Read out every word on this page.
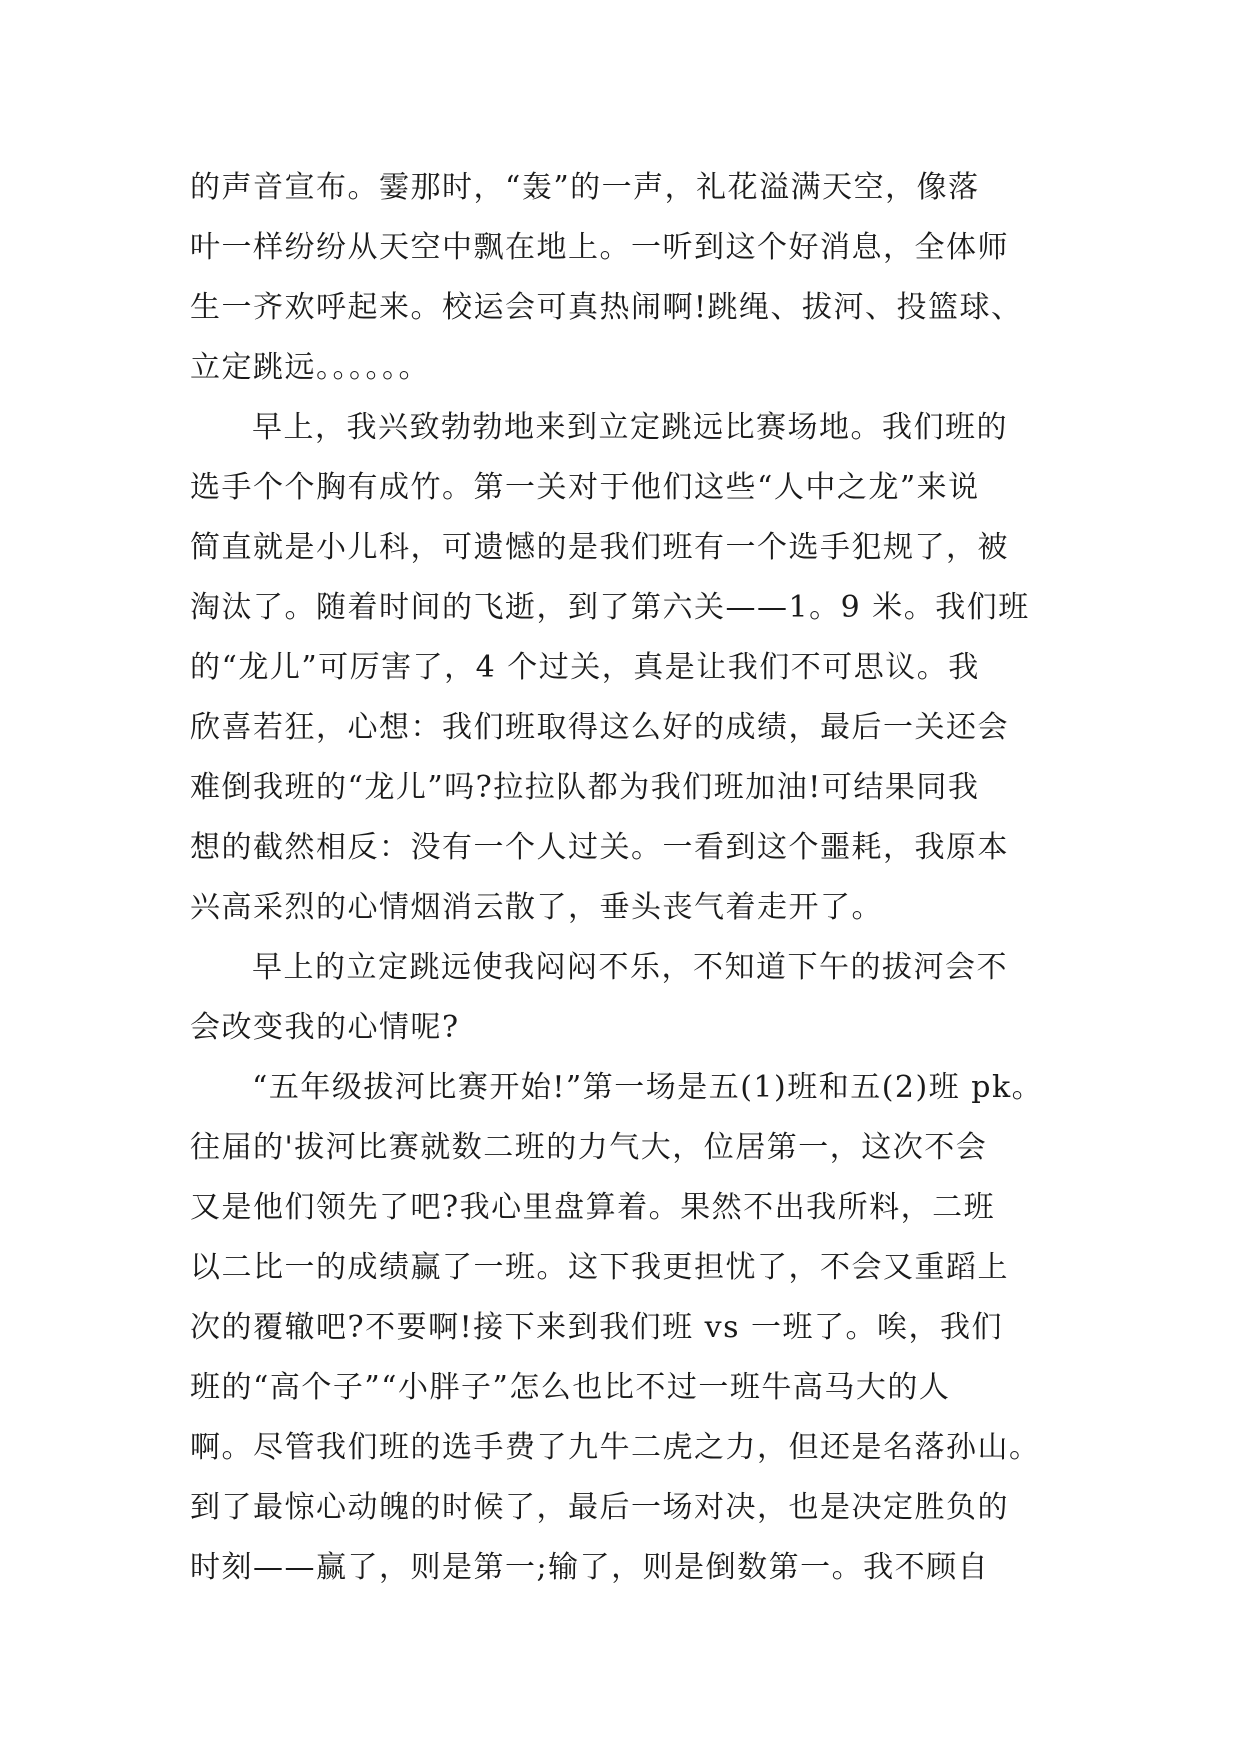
的声音宣布。霎那时，“轰”的一声，礼花溢满天空，像落
叶一样纷纷从天空中飘在地上。一听到这个好消息，全体师
生一齐欢呼起来。校运会可真热闹啊!跳绳、拔河、投篮球、
立定跳远。。。。。。
早上，我兴致勃勃地来到立定跳远比赛场地。我们班的
选手个个胸有成竹。第一关对于他们这些“人中之龙”来说
简直就是小儿科，可遗憾的是我们班有一个选手犯规了，被
淘汰了。随着时间的飞逝，到了第六关——1。9 米。我们班
的“龙儿”可厉害了，4 个过关，真是让我们不可思议。我
欣喜若狂，心想：我们班取得这么好的成绩，最后一关还会
难倒我班的“龙儿”吗?拉拉队都为我们班加油!可结果同我
想的截然相反：没有一个人过关。一看到这个噩耗，我原本
兴高采烈的心情烟消云散了，垂头丧气着走开了。
早上的立定跳远使我闷闷不乐，不知道下午的拔河会不
会改变我的心情呢?
“五年级拔河比赛开始!”第一场是五(1)班和五(2)班 pk。
往届的'拔河比赛就数二班的力气大，位居第一，这次不会
又是他们领先了吧?我心里盘算着。果然不出我所料，二班
以二比一的成绩赢了一班。这下我更担忧了，不会又重蹈上
次的覆辙吧?不要啊!接下来到我们班 vs 一班了。唉，我们
班的“高个子”“小胖子”怎么也比不过一班牛高马大的人
啊。尽管我们班的选手费了九牛二虎之力，但还是名落孙山。
到了最惊心动魄的时候了，最后一场对决，也是决定胜负的
时刻——赢了，则是第一;输了，则是倒数第一。我不顾自
